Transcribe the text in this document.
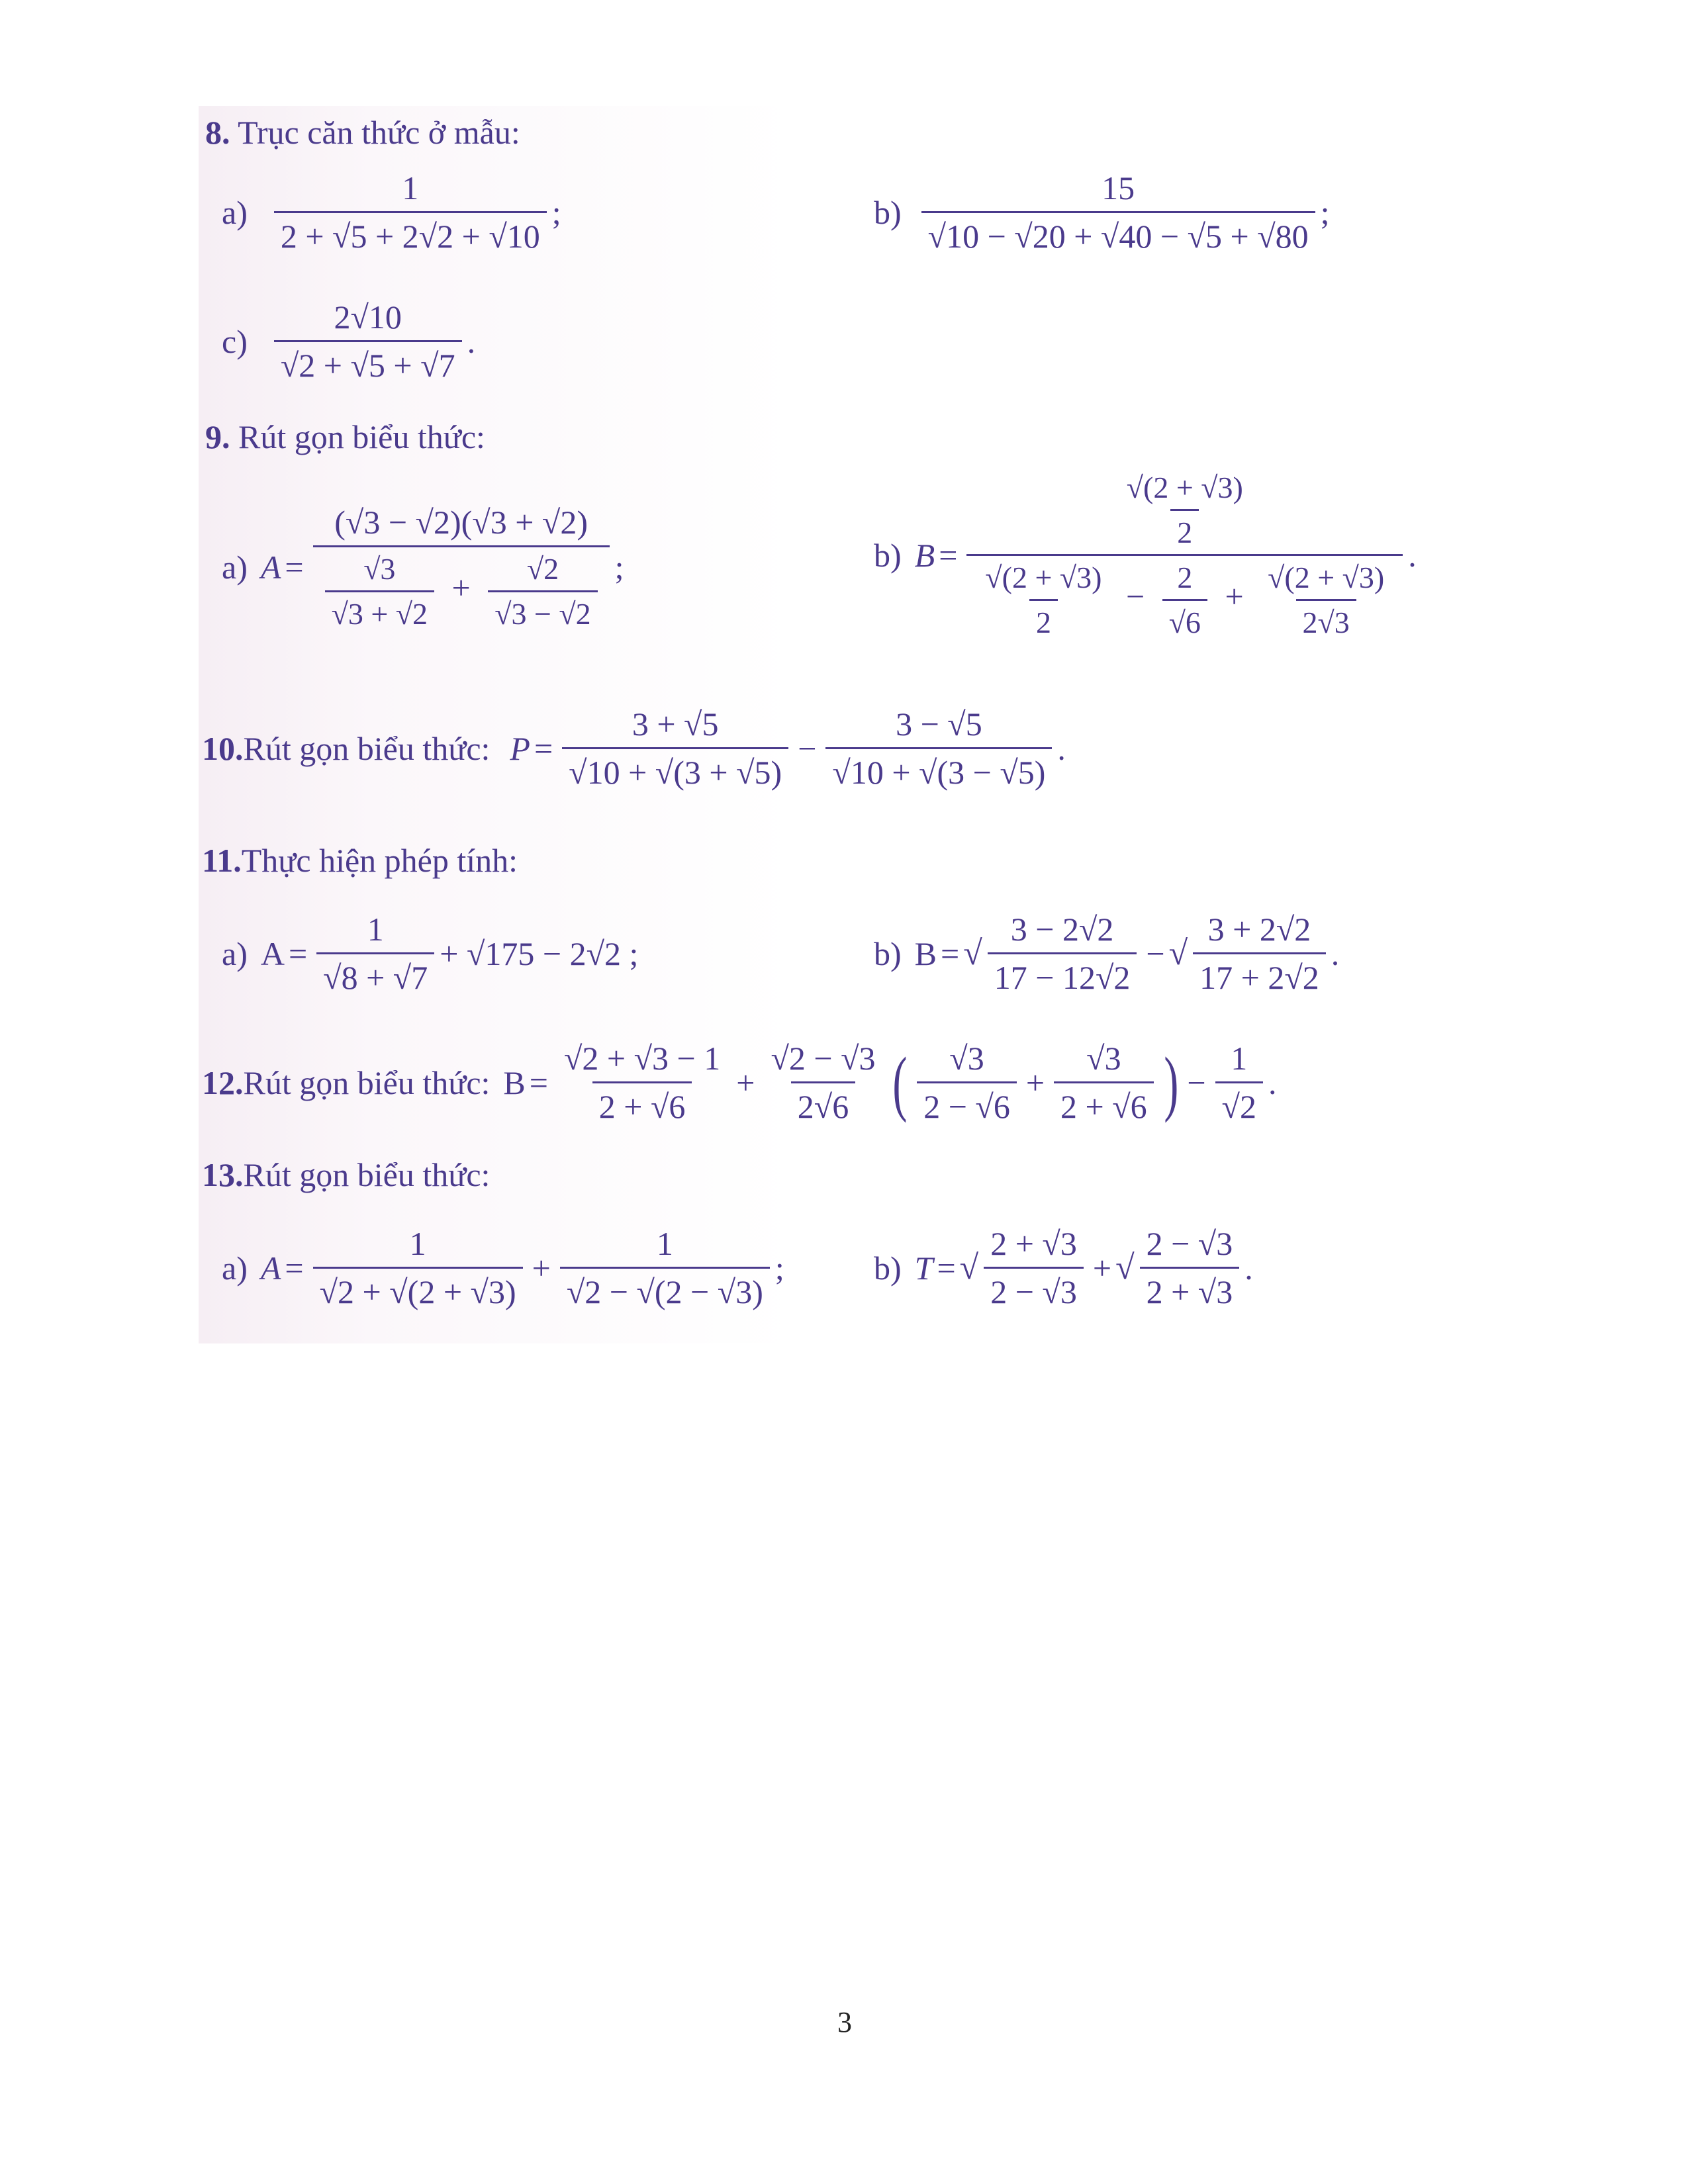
8. Trục căn thức ở mẫu:
$a) \frac{1}{2 + √5 + 2√2 + √10}$ ;	$b) \frac{15}{√10 - √20 + √40 - √5 + √80}$ ;
$c) \frac{2√10}{√2 + √5 + √7}$ .
9. Rút gọn biểu thức:
a) $A = \frac{(√3 - √2)(√3 + √2)}{\frac{√3}{√3 + √2} + \frac{√2}{√3 - √2}}$ ;	b) $B = \frac{\frac{√(2 + √3)}{2}}{\frac{√(2 + √3)}{2} - \frac{2}{√6} + \frac{√(2 + √3)}{2√3}}$ .
10.Rút gọn biểu thức: $P = \frac{3 + √5}{√10 + √(3 + √5)} - \frac{3 - √5}{√10 + √(3 - √5)}$ .
11.Thực hiện phép tính:
a) $A = \frac{1}{√8 + √7} + √175 - 2√2$ ;	b) B = √ $\frac{3 - 2√2}{17 - 12√2}$ − √ $\frac{3 + 2√2}{17 + 2√2}$ .
12.Rút gọn biểu thức: $B = \frac{√2 + √3 - 1}{2 + √6} + \frac{√2 - √3}{2√6}$ ( $\frac{√3}{2 - √6} + \frac{√3}{2 + √6}$ ) − $\frac{1}{√2}$ .
13.Rút gọn biểu thức:
a) $A = \frac{1}{√2 + √(2 + √3)} + \frac{1}{√2 - √(2 - √3)}$ ;	b) T = √ $\frac{2 + √3}{2 - √3}$ + √ $\frac{2 - √3}{2 + √3}$ .
3
